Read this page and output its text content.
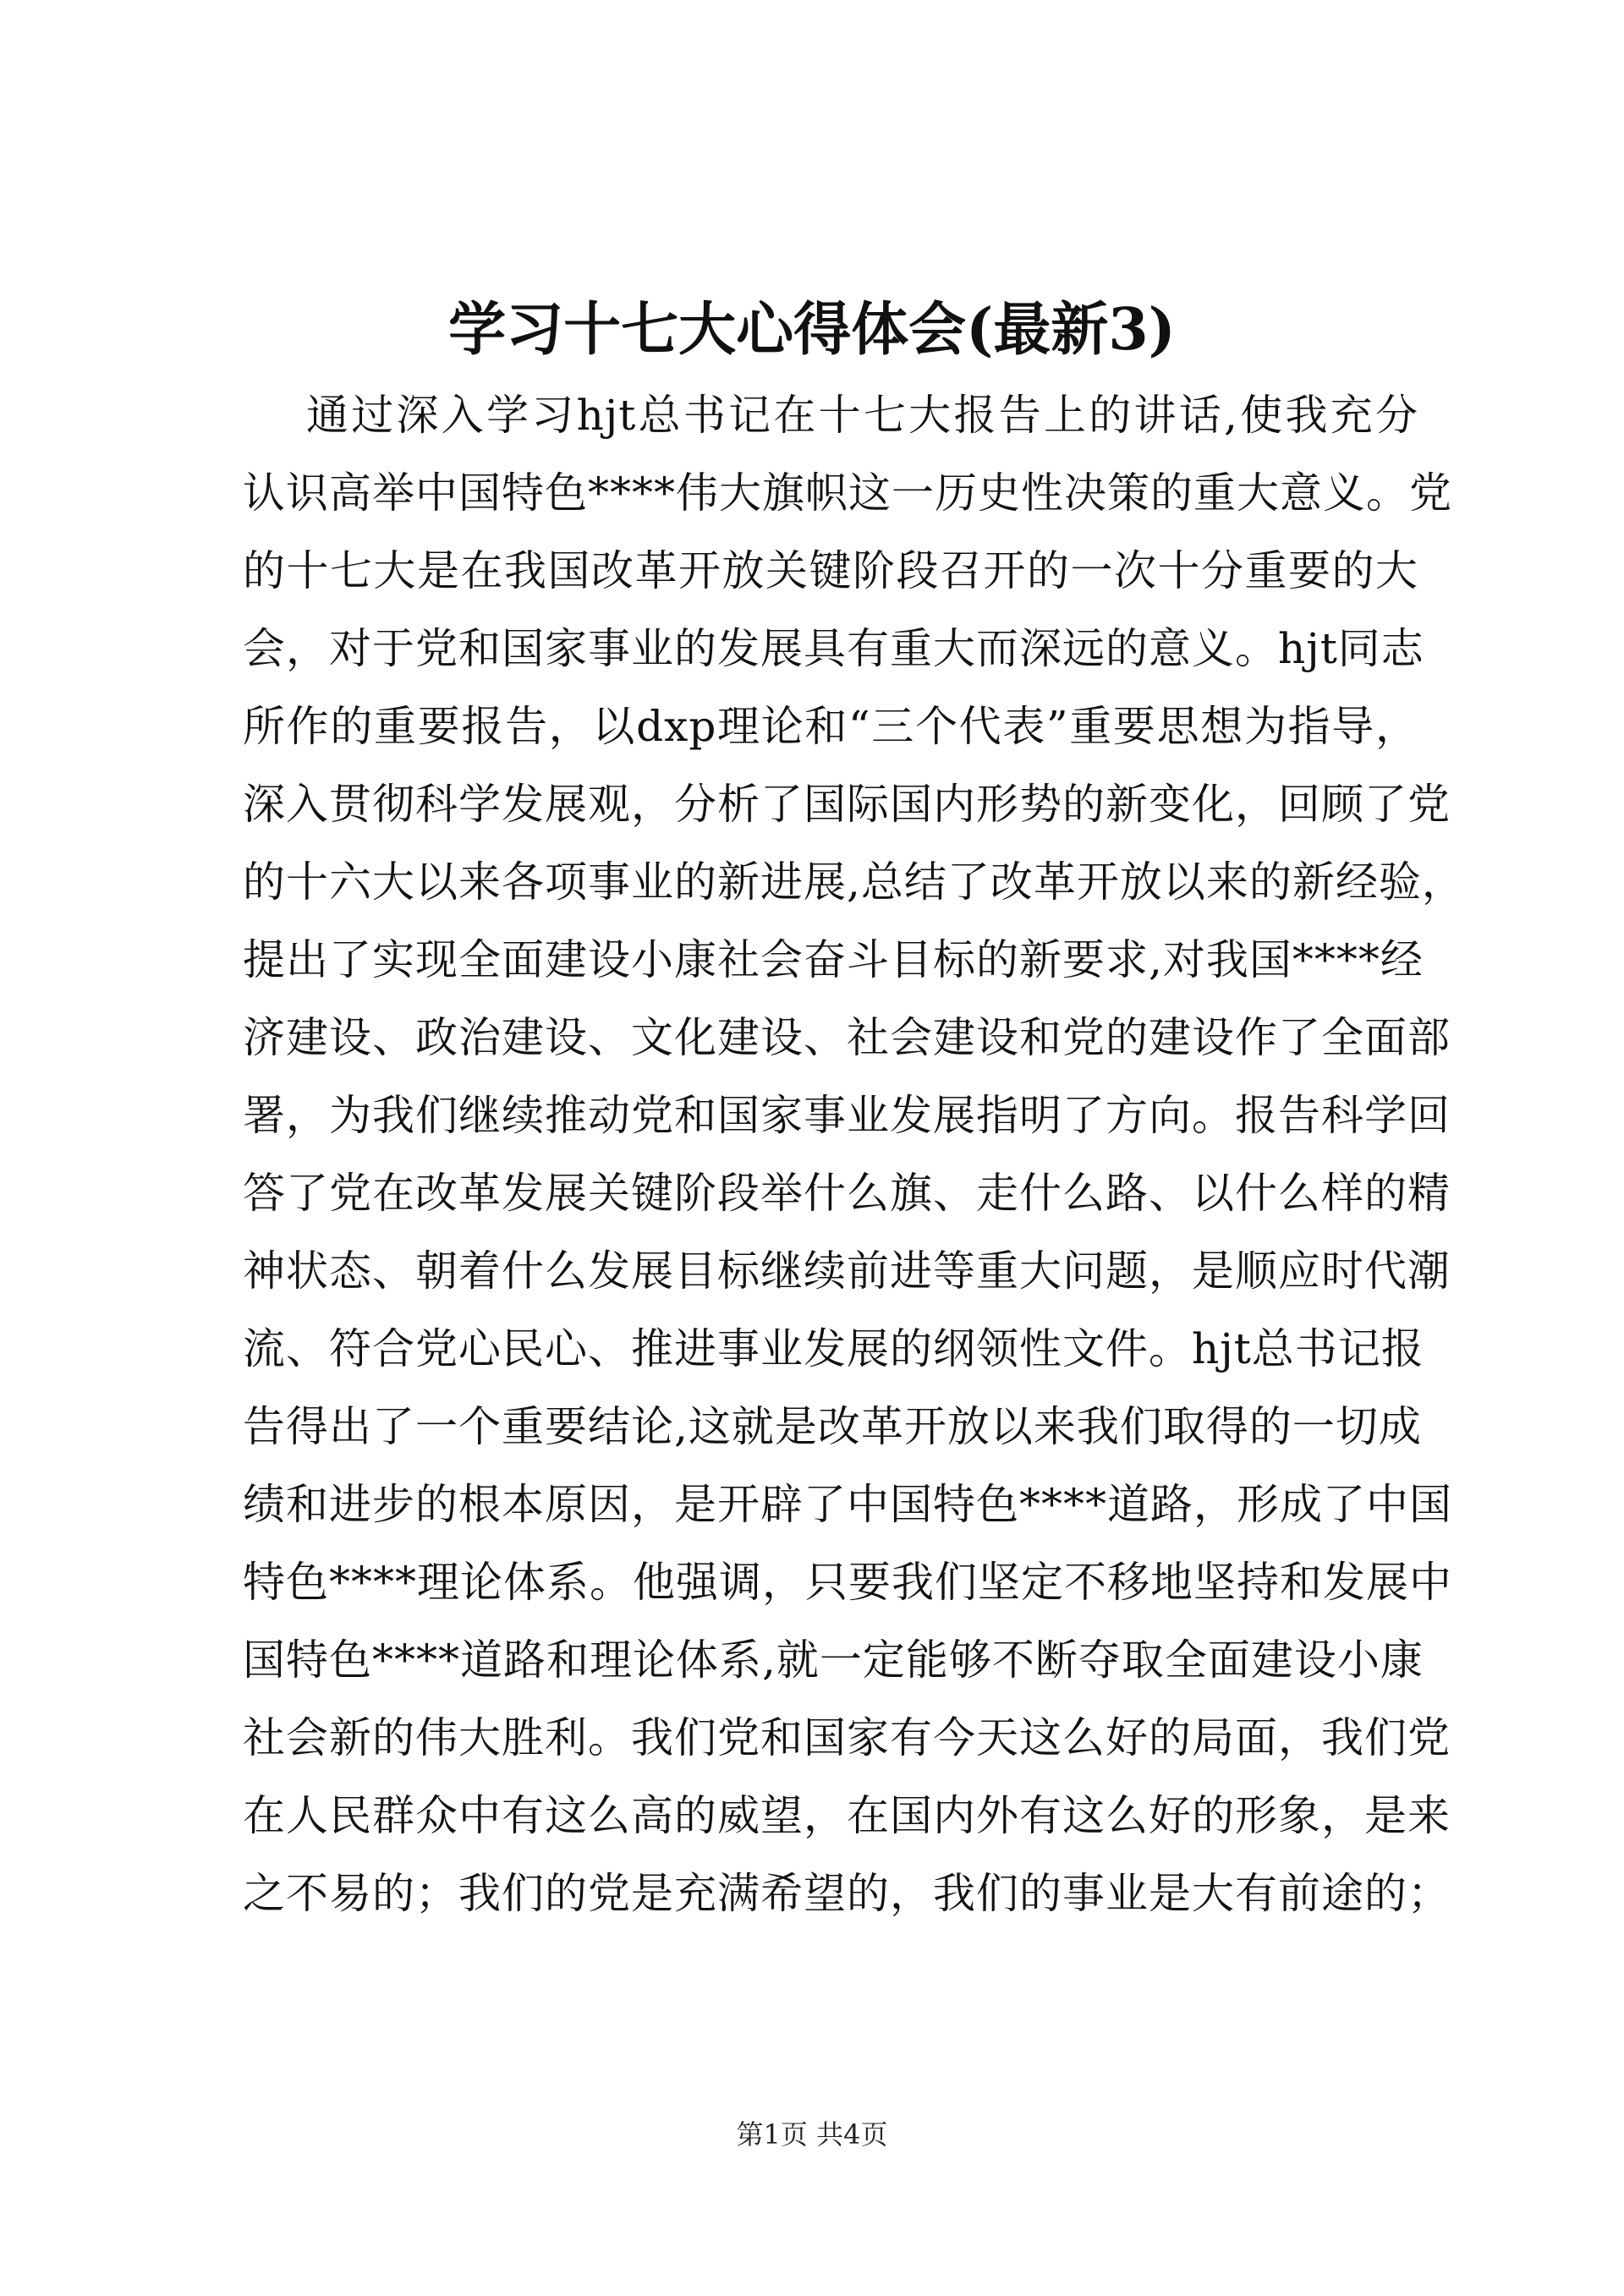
学习十七大心得体会(最新3)
通过深入学习hjt总书记在十七大报告上的讲话,使我充分
认识高举中国特色****伟大旗帜这一历史性决策的重大意义。党
的十七大是在我国改革开放关键阶段召开的一次十分重要的大
会，对于党和国家事业的发展具有重大而深远的意义。hjt同志
所作的重要报告，以dxp理论和“三个代表”重要思想为指导，
深入贯彻科学发展观，分析了国际国内形势的新变化，回顾了党
的十六大以来各项事业的新进展,总结了改革开放以来的新经验，
提出了实现全面建设小康社会奋斗目标的新要求,对我国****经
济建设、政治建设、文化建设、社会建设和党的建设作了全面部
署，为我们继续推动党和国家事业发展指明了方向。报告科学回
答了党在改革发展关键阶段举什么旗、走什么路、以什么样的精
神状态、朝着什么发展目标继续前进等重大问题，是顺应时代潮
流、符合党心民心、推进事业发展的纲领性文件。hjt总书记报
告得出了一个重要结论,这就是改革开放以来我们取得的一切成
绩和进步的根本原因，是开辟了中国特色****道路，形成了中国
特色****理论体系。他强调，只要我们坚定不移地坚持和发展中
国特色****道路和理论体系,就一定能够不断夺取全面建设小康
社会新的伟大胜利。我们党和国家有今天这么好的局面，我们党
在人民群众中有这么高的威望，在国内外有这么好的形象，是来
之不易的；我们的党是充满希望的，我们的事业是大有前途的；
第1页 共4页
